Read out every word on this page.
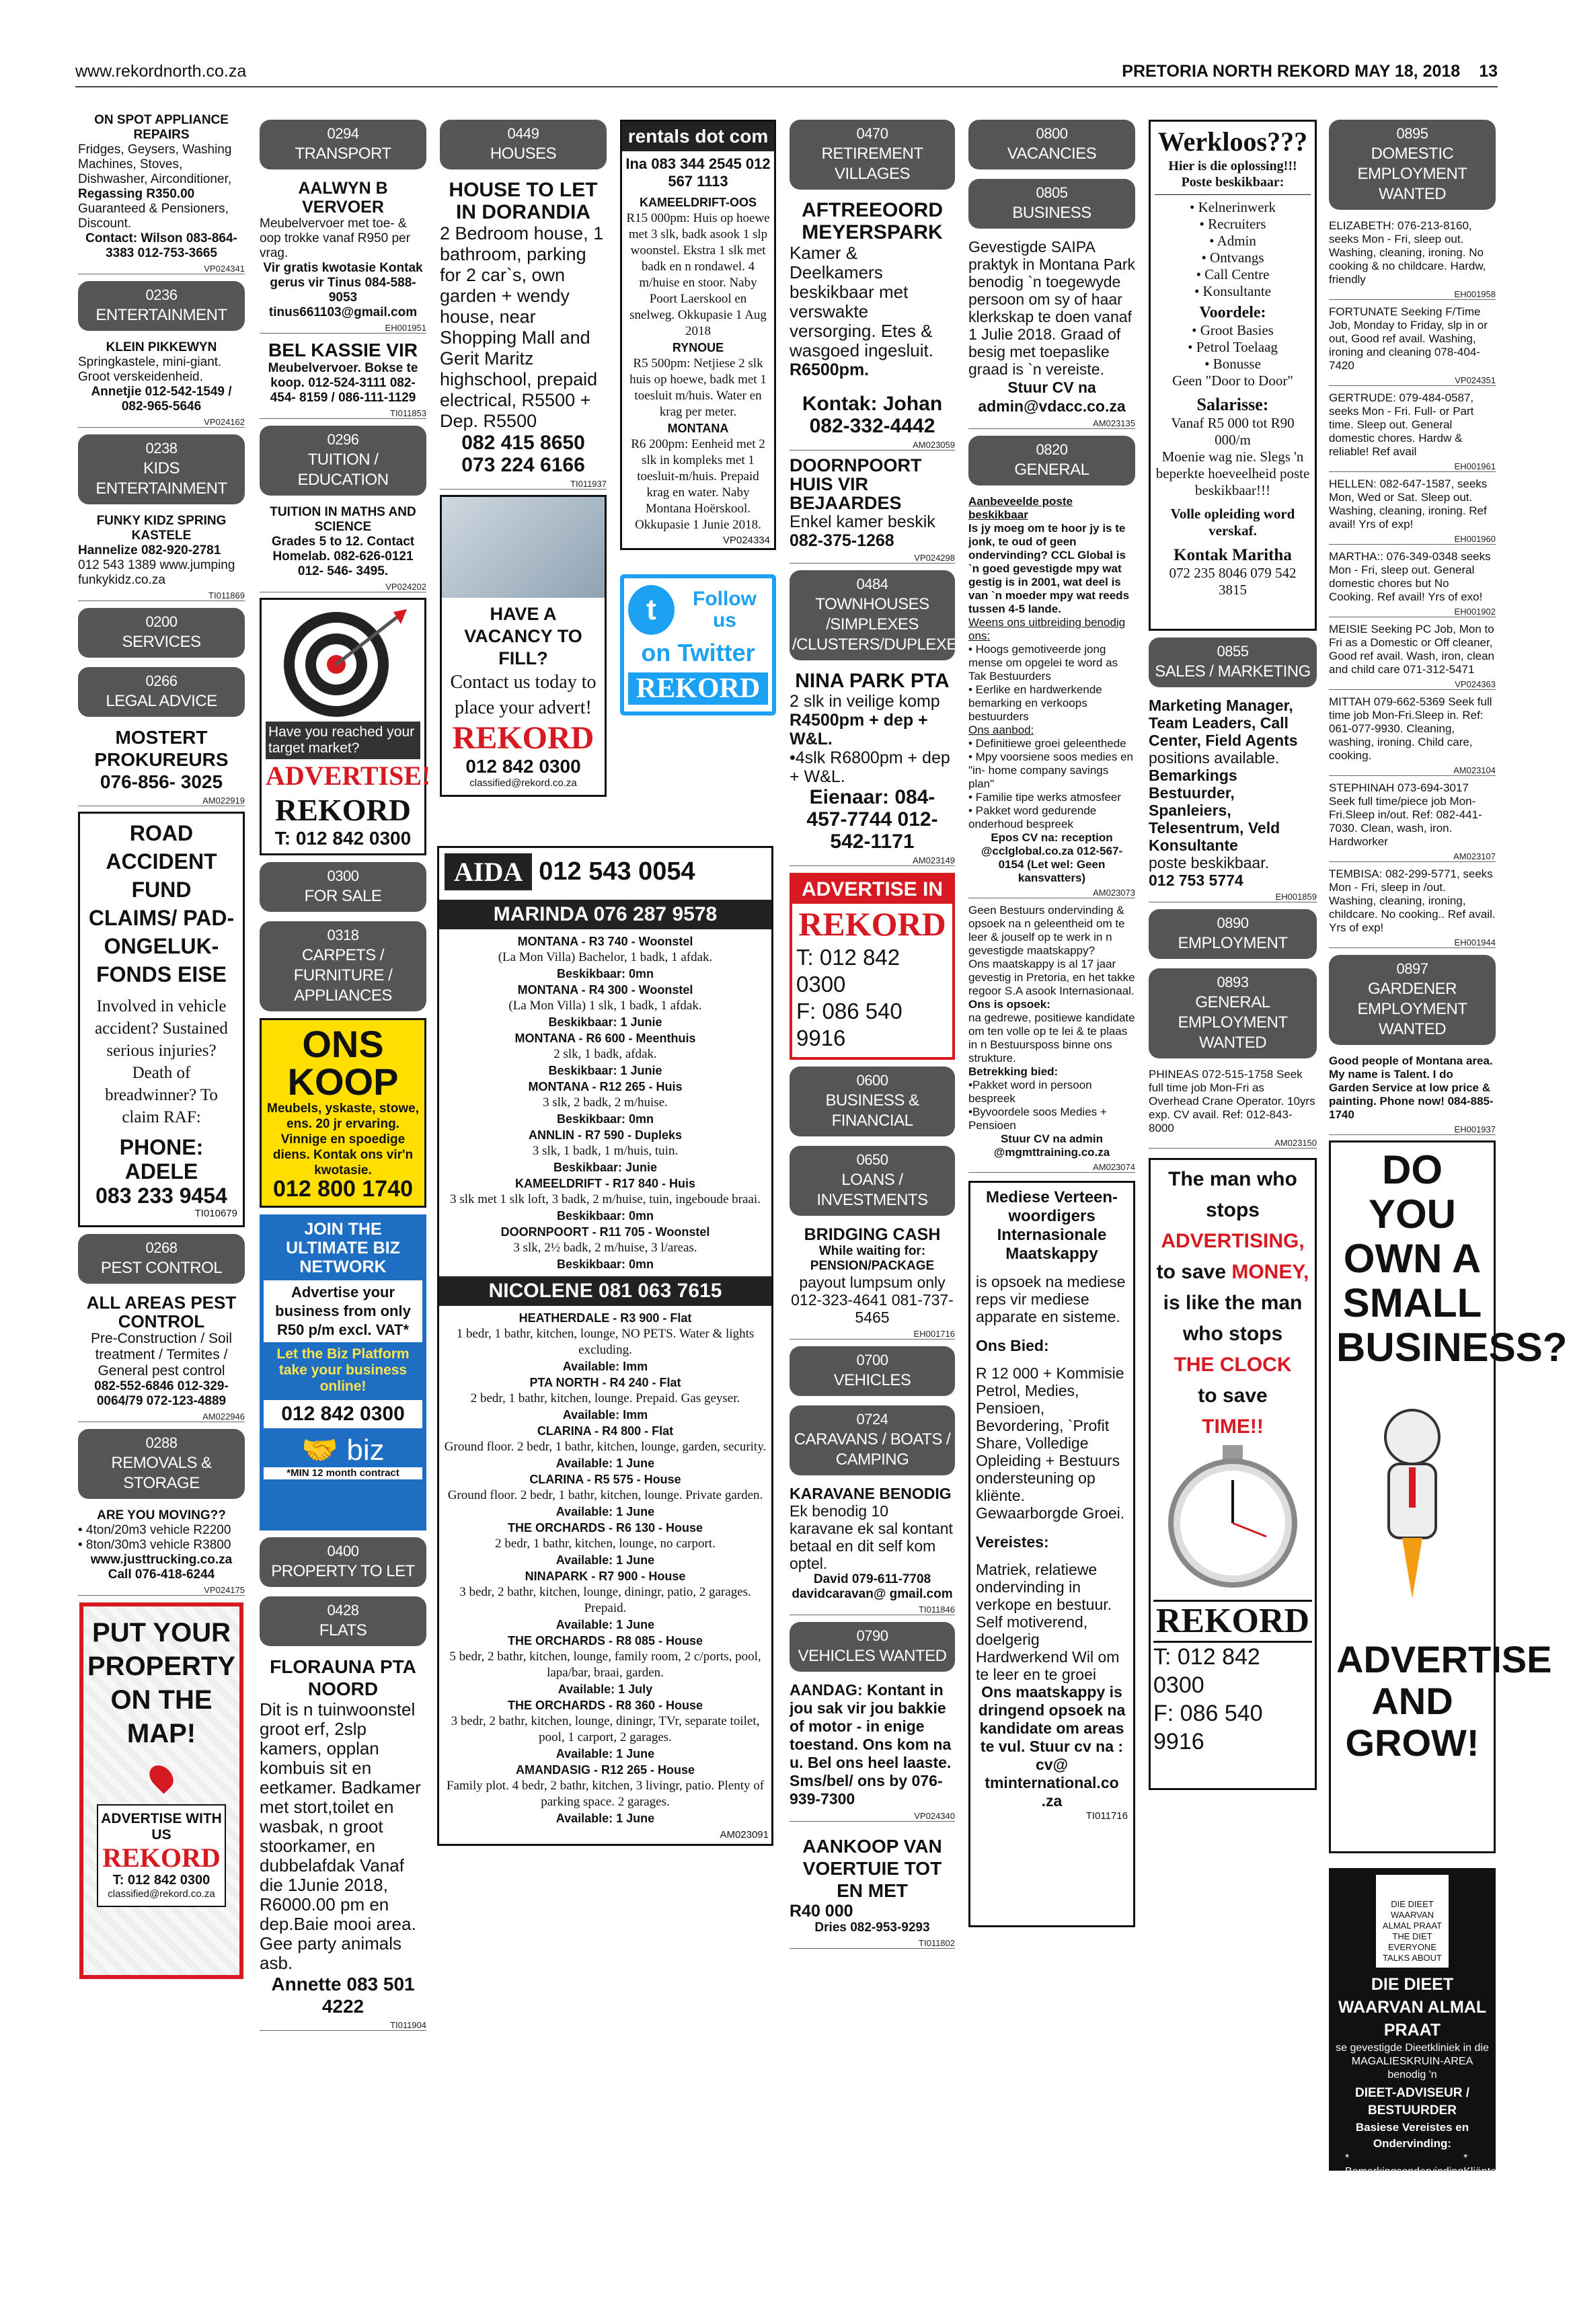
www.rekordnorth.co.za	PRETORIA NORTH REKORD MAY 18, 2018 13
ON SPOT APPLIANCE REPAIRS
Fridges, Geysers, Washing Machines, Stoves, Dishwasher, Airconditioner,
Regassing R350.00
Guaranteed & Pensioners, Discount.
Contact: Wilson 083-864-3383 012-753-3665
VP024341
0236
ENTERTAINMENT
KLEIN PIKKEWYN
Springkastele, mini-giant. Groot verskeidenheid.
Annetjie 012-542-1549 / 082-965-5646
VP024162
0238
KIDS ENTERTAINMENT
FUNKY KIDZ SPRING KASTELE
Hannelize 082-920-2781
012 543 1389 www.jumping funkykidz.co.za
TI011869
0200
SERVICES
0266
LEGAL ADVICE
MOSTERT PROKUREURS
076-856- 3025
AM022919
ROAD ACCIDENT FUND CLAIMS/ PAD-ONGELUK-FONDS EISE
Involved in vehicle accident? Sustained serious injuries? Death of breadwinner? To claim RAF:
PHONE:
ADELE
083 233 9454
TI010679
0268
PEST CONTROL
ALL AREAS PEST CONTROL
Pre-Construction / Soil treatment / Termites / General pest control
082-552-6846 012-329-0064/79 072-123-4889
AM022946
0288
REMOVALS & STORAGE
ARE YOU MOVING??
• 4ton/20m3 vehicle R2200
• 8ton/30m3 vehicle R3800
www.justtrucking.co.za
Call 076-418-6244
VP024175
PUT YOUR PROPERTY ON THE MAP!
ADVERTISE WITH US
REKORD
T: 012 842 0300
classified@rekord.co.za
0294
TRANSPORT
AALWYN B VERVOER
Meubelvervoer met toe- & oop trokke vanaf R950 per vrag.
Vir gratis kwotasie Kontak gerus vir Tinus 084-588- 9053 tinus661103@gmail.com
EH001951
BEL KASSIE VIR
Meubelvervoer. Bokse te koop. 012-524-3111 082-454- 8159 / 086-111-1129
TI011853
0296
TUITION / EDUCATION
TUITION IN MATHS AND SCIENCE
Grades 5 to 12. Contact Homelab. 082-626-0121 012- 546- 3495.
VP024202
Have you reached your target market?
ADVERTISE!
REKORD
T: 012 842 0300
0300
FOR SALE
0318
CARPETS / FURNITURE / APPLIANCES
ONS KOOP
Meubels, yskaste, stowe, ens. 20 jr ervaring. Vinnige en spoedige diens. Kontak ons vir'n kwotasie.
012 800 1740
JOIN THE ULTIMATE BIZ NETWORK
Advertise your business from only R50 p/m excl. VAT*
Let the Biz Platform take your business online!
012 842 0300
🤝 biz
*MIN 12 month contract
0400
PROPERTY TO LET
0428
FLATS
FLORAUNA PTA NOORD
Dit is n tuinwoonstel groot erf, 2slp kamers, opplan kombuis sit en eetkamer. Badkamer met stort,toilet en wasbak, n groot stoorkamer, en dubbelafdak Vanaf die 1Junie 2018, R6000.00 pm en dep.Baie mooi area. Gee party animals asb.
Annette 083 501 4222
TI011904
0449
HOUSES
HOUSE TO LET IN DORANDIA
2 Bedroom house, 1 bathroom, parking for 2 car`s, own garden + wendy house, near Shopping Mall and Gerit Maritz highschool, prepaid electrical, R5500 + Dep. R5500
082 415 8650
073 224 6166
TI011937
HAVE A VACANCY TO FILL?
Contact us today to place your advert!
REKORD
012 842 0300
classified@rekord.co.za
AIDA 012 543 0054
MARINDA 076 287 9578
MONTANA - R3 740 - Woonstel
(La Mon Villa) Bachelor, 1 badk, 1 afdak.
Beskikbaar: 0mn
MONTANA - R4 300 - Woonstel
(La Mon Villa) 1 slk, 1 badk, 1 afdak.
Beskikbaar: 1 Junie
MONTANA - R6 600 - Meenthuis
2 slk, 1 badk, afdak.
Beskikbaar: 1 Junie
MONTANA - R12 265 - Huis
3 slk, 2 badk, 2 m/huise.
Beskikbaar: 0mn
ANNLIN - R7 590 - Dupleks
3 slk, 1 badk, 1 m/huis, tuin.
Beskikbaar: Junie
KAMEELDRIFT - R17 840 - Huis
3 slk met 1 slk loft, 3 badk, 2 m/huise, tuin, ingeboude braai.
Beskikbaar: 0mn
DOORNPOORT - R11 705 - Woonstel
3 slk, 2½ badk, 2 m/huise, 3 l/areas.
Beskikbaar: 0mn
NICOLENE 081 063 7615
HEATHERDALE - R3 900 - Flat
1 bedr, 1 bathr, kitchen, lounge, NO PETS. Water & lights excluding.
Available: Imm
PTA NORTH - R4 240 - Flat
2 bedr, 1 bathr, kitchen, lounge. Prepaid. Gas geyser.
Available: Imm
CLARINA - R4 800 - Flat
Ground floor. 2 bedr, 1 bathr, kitchen, lounge, garden, security.
Available: 1 June
CLARINA - R5 575 - House
Ground floor. 2 bedr, 1 bathr, kitchen, lounge. Private garden.
Available: 1 June
THE ORCHARDS - R6 130 - House
2 bedr, 1 bathr, kitchen, lounge, no carport.
Available: 1 June
NINAPARK - R7 900 - House
3 bedr, 2 bathr, kitchen, lounge, diningr, patio, 2 garages. Prepaid.
Available: 1 June
THE ORCHARDS - R8 085 - House
5 bedr, 2 bathr, kitchen, lounge, family room, 2 c/ports, pool, lapa/bar, braai, garden.
Available: 1 July
THE ORCHARDS - R8 360 - House
3 bedr, 2 bathr, kitchen, lounge, diningr, TVr, separate toilet, pool, 1 carport, 2 garages.
Available: 1 June
AMANDASIG - R12 265 - House
Family plot. 4 bedr, 2 bathr, kitchen, 3 livingr, patio. Plenty of parking space. 2 garages.
Available: 1 June
AM023091
rentals dot com
Ina 083 344 2545 012 567 1113
KAMEELDRIFT-OOS
R15 000pm: Huis op hoewe met 3 slk, badk asook 1 slp woonstel. Ekstra 1 slk met badk en n rondawel. 4 m/huise en stoor. Naby Poort Laerskool en snelweg. Okkupasie 1 Aug 2018
RYNOUE
R5 500pm: Netjiese 2 slk huis op hoewe, badk met 1 toesluit m/huis. Water en krag per meter.
MONTANA
R6 200pm: Eenheid met 2 slk in kompleks met 1 toesluit-m/huis. Prepaid krag en water. Naby Montana Hoërskool. Okkupasie 1 Junie 2018.
VP024334
t	Follow us
on Twitter
REKORD
0470
RETIREMENT VILLAGES
AFTREEOORD MEYERSPARK
Kamer & Deelkamers beskikbaar met verswakte versorging. Etes & wasgoed ingesluit.
R6500pm.
Kontak: Johan 082-332-4442
AM023059
DOORNPOORT HUIS VIR BEJAARDES
Enkel kamer beskik
082-375-1268
VP024298
0484
TOWNHOUSES /SIMPLEXES /CLUSTERS/DUPLEXES
NINA PARK PTA
2 slk in veilige komp
R4500pm + dep + W&L.
•4slk R6800pm + dep + W&L.
Eienaar: 084-457-7744 012-542-1171
AM023149
ADVERTISE IN
REKORD
T: 012 842 0300
F: 086 540 9916
0600
BUSINESS & FINANCIAL
0650
LOANS / INVESTMENTS
BRIDGING CASH
While waiting for: PENSION/PACKAGE
payout lumpsum only 012-323-4641 081-737-5465
EH001716
0700
VEHICLES
0724
CARAVANS / BOATS / CAMPING
KARAVANE BENODIG
Ek benodig 10 karavane ek sal kontant betaal en dit self kom optel.
David 079-611-7708 davidcaravan@ gmail.com
TI011846
0790
VEHICLES WANTED
AANDAG: Kontant in jou sak vir jou bakkie of motor - in enige toestand. Ons kom na u. Bel ons heel laaste. Sms/bel/ ons by 076-939-7300
VP024340
AANKOOP VAN VOERTUIE TOT EN MET
R40 000
Dries 082-953-9293
TI011802
0800
VACANCIES
0805
BUSINESS
Gevestigde SAIPA praktyk in Montana Park benodig `n toegewyde persoon om sy of haar klerkskap te doen vanaf 1 Julie 2018. Graad of besig met toepaslike graad is `n vereiste.
Stuur CV na admin@vdacc.co.za
AM023135
0820
GENERAL
Aanbeveelde poste beskikbaar
Is jy moeg om te hoor jy is te jonk, te oud of geen ondervinding? CCL Global is `n goed gevestigde mpy wat gestig is in 2001, wat deel is van `n moeder mpy wat reeds tussen 4-5 lande.
Weens ons uitbreiding benodig ons:
• Hoogs gemotiveerde jong mense om opgelei te word as Tak Bestuurders
• Eerlike en hardwerkende bemarking en verkoops bestuurders
Ons aanbod:
• Definitiewe groei geleenthede
• Mpy voorsiene soos medies en "in- home company savings plan"
• Familie tipe werks atmosfeer
• Pakket word gedurende onderhoud bespreek
Epos CV na: reception @cclglobal.co.za 012-567-0154 (Let wel: Geen kansvatters)
AM023073
Geen Bestuurs ondervinding & opsoek na n geleentheid om te leer & jouself op te werk in n gevestigde maatskappy?
Ons maatskappy is al 17 jaar gevestig in Pretoria, en het takke regoor S.A asook Internasionaal.
Ons is opsoek:
na gedrewe, positiewe kandidate om ten volle op te lei & te plaas in n Bestuursposs binne ons strukture.
Betrekking bied:
•Pakket word in persoon bespreek
•Byvoordele soos Medies + Pensioen
Stuur CV na admin @mgmttraining.co.za
AM023074
Mediese Verteen-woordigers Internasionale Maatskappy
is opsoek na mediese reps vir mediese apparate en sisteme.
Ons Bied:
R 12 000 + Kommisie Petrol, Medies, Pensioen, Bevordering, `Profit Share, Volledige Opleiding + Bestuurs ondersteuning op kliënte. Gewaarborgde Groei.
Vereistes:
Matriek, relatiewe ondervinding in verkope en bestuur. Self motiverend, doelgerig Hardwerkend Wil om te leer en te groei
Ons maatskappy is dringend opsoek na kandidate om areas te vul. Stuur cv na : cv@ tminternational.co .za
TI011716
Werkloos???
Hier is die oplossing!!! Poste beskikbaar:
• Kelnerinwerk
• Recruiters
• Admin
• Ontvangs
• Call Centre
• Konsultante
Voordele:
• Groot Basies
• Petrol Toelaag
• Bonusse
Geen "Door to Door"
Salarisse:
Vanaf R5 000 tot R90 000/m
Moenie wag nie. Slegs 'n beperkte hoeveelheid poste beskikbaar!!!
Volle opleiding word verskaf.
Kontak Maritha
072 235 8046 079 542 3815
0855
SALES / MARKETING
Marketing Manager, Team Leaders, Call Center, Field Agents
positions available.
Bemarkings Bestuurder, Spanleiers, Telesentrum, Veld Konsultante
poste beskikbaar.
012 753 5774
EH001859
0890
EMPLOYMENT
0893
GENERAL EMPLOYMENT WANTED
PHINEAS 072-515-1758 Seek full time job Mon-Fri as Overhead Crane Operator. 10yrs exp. CV avail. Ref: 012-843-8000
AM023150
The man who stops
ADVERTISING,
to save MONEY,
is like the man who stops
THE CLOCK
to save
TIME!!
REKORD
T: 012 842 0300
F: 086 540 9916
0895
DOMESTIC EMPLOYMENT WANTED
ELIZABETH: 076-213-8160, seeks Mon - Fri, sleep out. Washing, cleaning, ironing. No cooking & no childcare. Hardw, friendly
EH001958
FORTUNATE Seeking F/Time Job, Monday to Friday, slp in or out, Good ref avail. Washing, ironing and cleaning 078-404-7420
VP024351
GERTRUDE: 079-484-0587, seeks Mon - Fri. Full- or Part time. Sleep out. General domestic chores. Hardw & reliable! Ref avail
EH001961
HELLEN: 082-647-1587, seeks Mon, Wed or Sat. Sleep out. Washing, cleaning, ironing. Ref avail! Yrs of exp!
EH001960
MARTHA:: 076-349-0348 seeks Mon - Fri, sleep out. General domestic chores but No Cooking. Ref avail! Yrs of exo!
EH001902
MEISIE Seeking PC Job, Mon to Fri as a Domestic or Off cleaner, Good ref avail. Wash, iron, clean and child care 071-312-5471
VP024363
MITTAH 079-662-5369 Seek full time job Mon-Fri.Sleep in. Ref: 061-077-9930. Cleaning, washing, ironing. Child care, cooking.
AM023104
STEPHINAH 073-694-3017 Seek full time/piece job Mon-Fri.Sleep in/out. Ref: 082-441-7030. Clean, wash, iron. Hardworker
AM023107
TEMBISA: 082-299-5771, seeks Mon - Fri, sleep in /out. Washing, cleaning, ironing, childcare. No cooking.. Ref avail. Yrs of exp!
EH001944
0897
GARDENER EMPLOYMENT WANTED
Good people of Montana area. My name is Talent. I do Garden Service at low price & painting. Phone now! 084-885-1740
EH001937
DO YOU OWN A SMALL BUSINESS?
ADVERTISE AND GROW!
DIE DIEET WAARVAN ALMAL PRAAT THE DIET EVERYONE TALKS ABOUT
DIE DIEET WAARVAN ALMAL PRAAT
se gevestigde Dieetkliniek in die MAGALIESKRUIN-AREA benodig 'n
DIEET-ADVISEUR / BESTUURDER
Basiese Vereistes en Ondervinding:
* Bemarkingsondervinding
* Kliëntediens
* Rekenaargeletterdheid * Administratief
* Selfgedrewe	* Mense-mens
Bo-gemiddelde Basies + Kommissie (Verdien R12 000+ per maand)
Sluit: 30/05/2018 Stuur CV na: danie@the-diet.co.za (kode: Mag18)
www.the-diet.co.za
